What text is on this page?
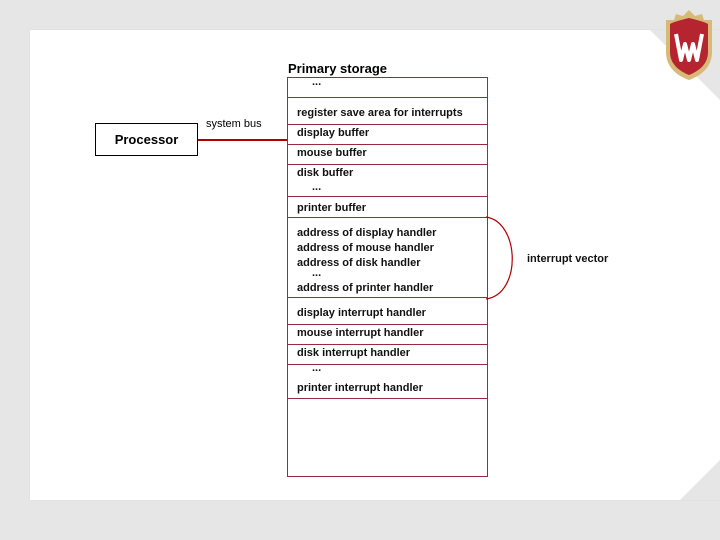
Processor
system bus
Primary storage
...
register save area for interrupts
display buffer
mouse buffer
disk buffer
...
printer buffer
address of display handler
address of mouse handler
address of disk handler
...
address of printer handler
display interrupt handler
mouse interrupt handler
disk interrupt handler
...
printer interrupt handler
interrupt vector
